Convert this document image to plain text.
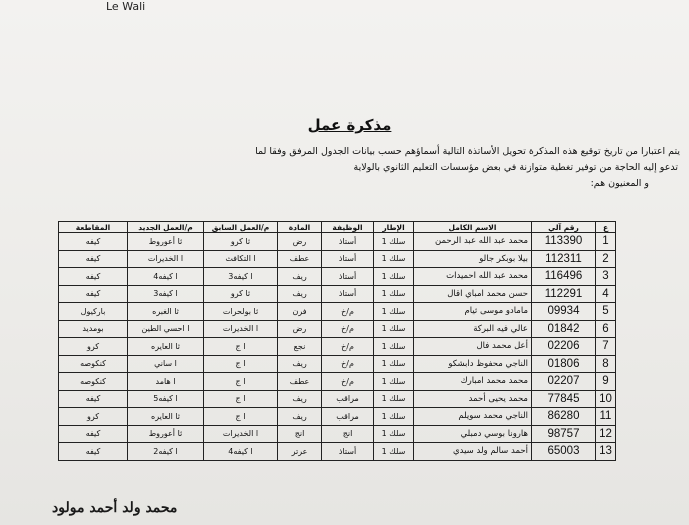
Le Wali
مذكرة عمل
يتم اعتبارا من تاريخ توقيع هذه المذكرة تحويل الأساتذة التالية أسماؤهم حسب بيانات الجدول المرفق وفقا لما
تدعو إليه الحاجة من توفير تغطية متوازنة في بعض مؤسسات التعليم الثانوي بالولاية
و المعنيون هم:
ع	رقم آلي	الاسم الكامل	الإطار	الوظيفة	المادة	م/العمل السابق	م/العمل الجديد	المقاطعة
1	113390	محمد عبد الله عبد الرحمن	سلك 1	أستاذ	رض	ثا كرو	ثا أعوروط	كيفه
2	112311	بيلا بوبكر جالو	سلك 1	أستاذ	عطف	ا التكافث	ا الخديرات	كيفه
3	116496	محمد عبد الله احميدات	سلك 1	أستاذ	ريف	ا كيفه3	ا كيفه4	كيفه
4	112291	حسن محمد امباي اقال	سلك 1	أستاذ	ريف	ثا كرو	ا كيفه3	كيفه
5	09934	مامادو موسى ثيام	سلك 1	م/خ	فرن	ثا بولحرات	ثا الغبره	باركيول
6	01842	عالي فيه البركة	سلك 1	م/خ	رض	ا الخديرات	ا احسي الطين	بومديد
7	02206	أعل محمد فال	سلك 1	م/خ	نجع	ا ج	ثا العايره	كرو
8	01806	الناجي محفوظ دابشكو	سلك 1	م/خ	ريف	ا ج	ا ساني	كنكوصه
9	02207	محمد محمد امبارك	سلك 1	م/خ	عطف	ا ج	ا هامد	كنكوصه
10	77845	محمد يحيى أحمد	سلك 1	مراقب	ريف	ا ج	ا كيفه5	كيفه
11	86280	الناجي محمد سويلم	سلك 1	مراقب	ريف	ا ج	ثا العايره	كرو
12	98757	هارونا بوسي دمبلي	سلك 1	انج	انج	ا الخديرات	ثا أعوروط	كيفه
13	65003	أحمد سالم ولد سيدي	سلك 1	أستاذ	عرتر	ا كيفه4	ا كيفه2	كيفه
محمد ولد أحمد مولود
